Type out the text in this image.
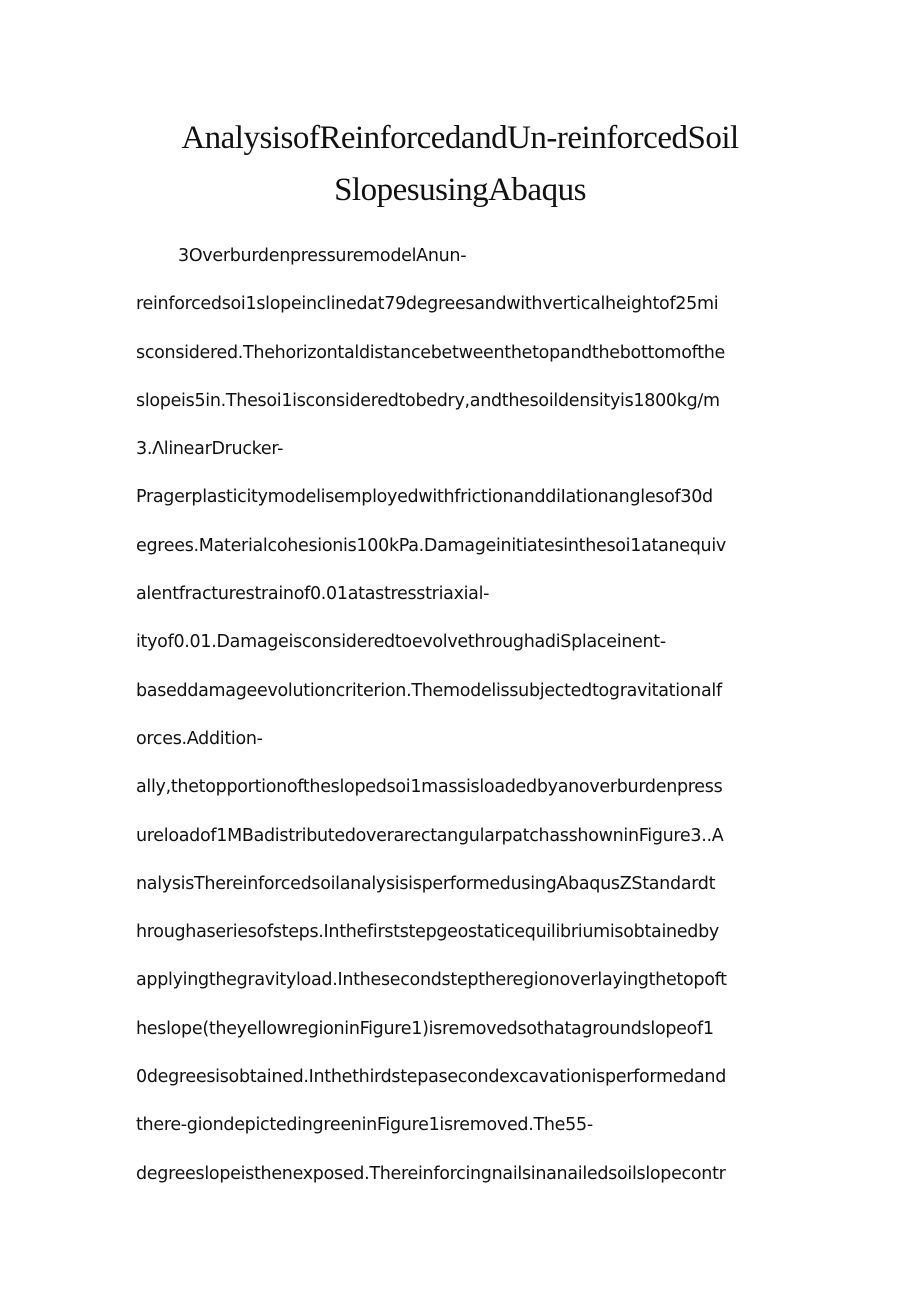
AnalysisofReinforcedandUn-reinforcedSoil
SlopesusingAbaqus
3OverburdenpressuremodelAnun-
reinforcedsoi1slopeinclinedat79degreesandwithverticalheightof25mi
sconsidered.Thehorizontaldistancebetweenthetopandthebottomofthe
slopeis5in.Thesoi1isconsideredtobedry,andthesoildensityis1800kg∕m
3.ΛlinearDrucker-
PragerplasticitymodelisemployedwithfrictionanddiІationanglesof30d
egrees.Materialcohesionis100kPa.Damageinitiatesinthesoi1atanequiv
alentfracturestrainof0.01atastresstriaxial-
ityof0.01.DamageisconsideredtoevolvethroughadiSplaceinent-
baseddamageevolutioncriterion.Themodelissubjectedtogravitationalf
orces.Addition-
ally,thetopportionoftheslopedsoi1massisloadedbyanoverburdenpress
ureloadof1MBadistributedoverarectangularpatchasshowninFigure3..A
nalysisThereinforcedsoilanalysisisperformedusingAbaqusZStandardt
hroughaseriesofsteps.Inthefirststepgeostaticequilibriumisobtainedby
applyingthegravityload.Inthesecondsteptheregionoverlayingthetopoft
heslope(theyellowregioninFigure1)isremovedsothatagroundslopeof1
0degreesisobtained.Inthethirdstepasecondexcavationisperformedand
there-giondepictedingreeninFigure1isremoved.The55-
degreeslopeisthenexposed.Thereinforcingnailsinanailedsoilslopecontr
